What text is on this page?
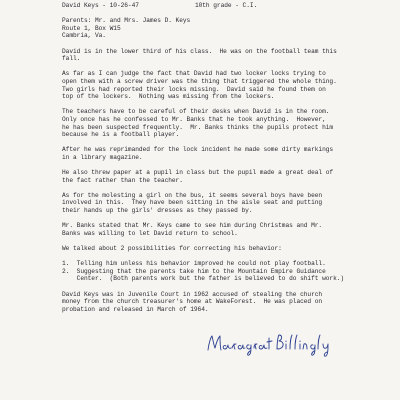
David Keys - 10-26-47	10th grade - C.I.
Parents: Mr. and Mrs. James D. Keys
Route 1, Box W15
Cambria, Va.
David is in the lower third of his class.  He was on the football team this
fall.
As far as I can judge the fact that David had two locker locks trying to
open them with a screw driver was the thing that triggered the whole thing.
Two girls had reported their locks missing.  David said he found them on
top of the lockers.  Nothing was missing from the lockers.
The teachers have to be careful of their desks when David is in the room.
Only once has he confessed to Mr. Banks that he took anything.  However,
he has been suspected frequently.  Mr. Banks thinks the pupils protect him
because he is a football player.
After he was reprimanded for the lock incident he made some dirty markings
in a library magazine.
He also threw paper at a pupil in class but the pupil made a great deal of
the fact rather than the teacher.
As for the molesting a girl on the bus, it seems several boys have been
involved in this.  They have been sitting in the aisle seat and putting
their hands up the girls' dresses as they passed by.
Mr. Banks stated that Mr. Keys came to see him during Christmas and Mr.
Banks was willing to let David return to school.
We talked about 2 possibilities for correcting his behavior:
1.  Telling him unless his behavior improved he could not play football.
2.  Suggesting that the parents take him to the Mountain Empire Guidance
Center.  (Both parents work but the father is believed to do shift work.)
David Keys was in Juvenile Court in 1962 accused of stealing the church
money from the church treasurer's home at WakeForest.  He was placed on
probation and released in March of 1964.
